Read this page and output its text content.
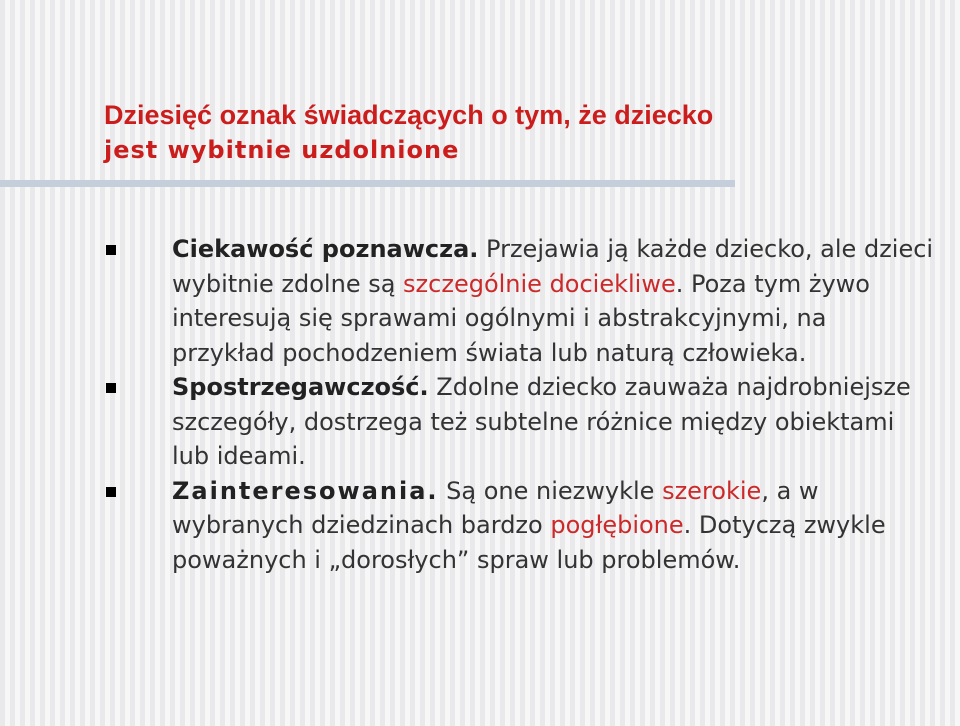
Dziesięć oznak świadczących o tym, że dziecko
jest wybitnie uzdolnione
Ciekawość poznawcza. Przejawia ją każde dziecko, ale dzieci wybitnie zdolne są szczególnie dociekliwe. Poza tym żywo interesują się sprawami ogólnymi i abstrakcyjnymi, na przykład pochodzeniem świata lub naturą człowieka.
Spostrzegawczość. Zdolne dziecko zauważa najdrobniejsze szczegóły, dostrzega też subtelne różnice między obiektami lub ideami.
Zainteresowania. Są one niezwykle szerokie, a w wybranych dziedzinach bardzo pogłębione. Dotyczą zwykle poważnych i „dorosłych” spraw lub problemów.
